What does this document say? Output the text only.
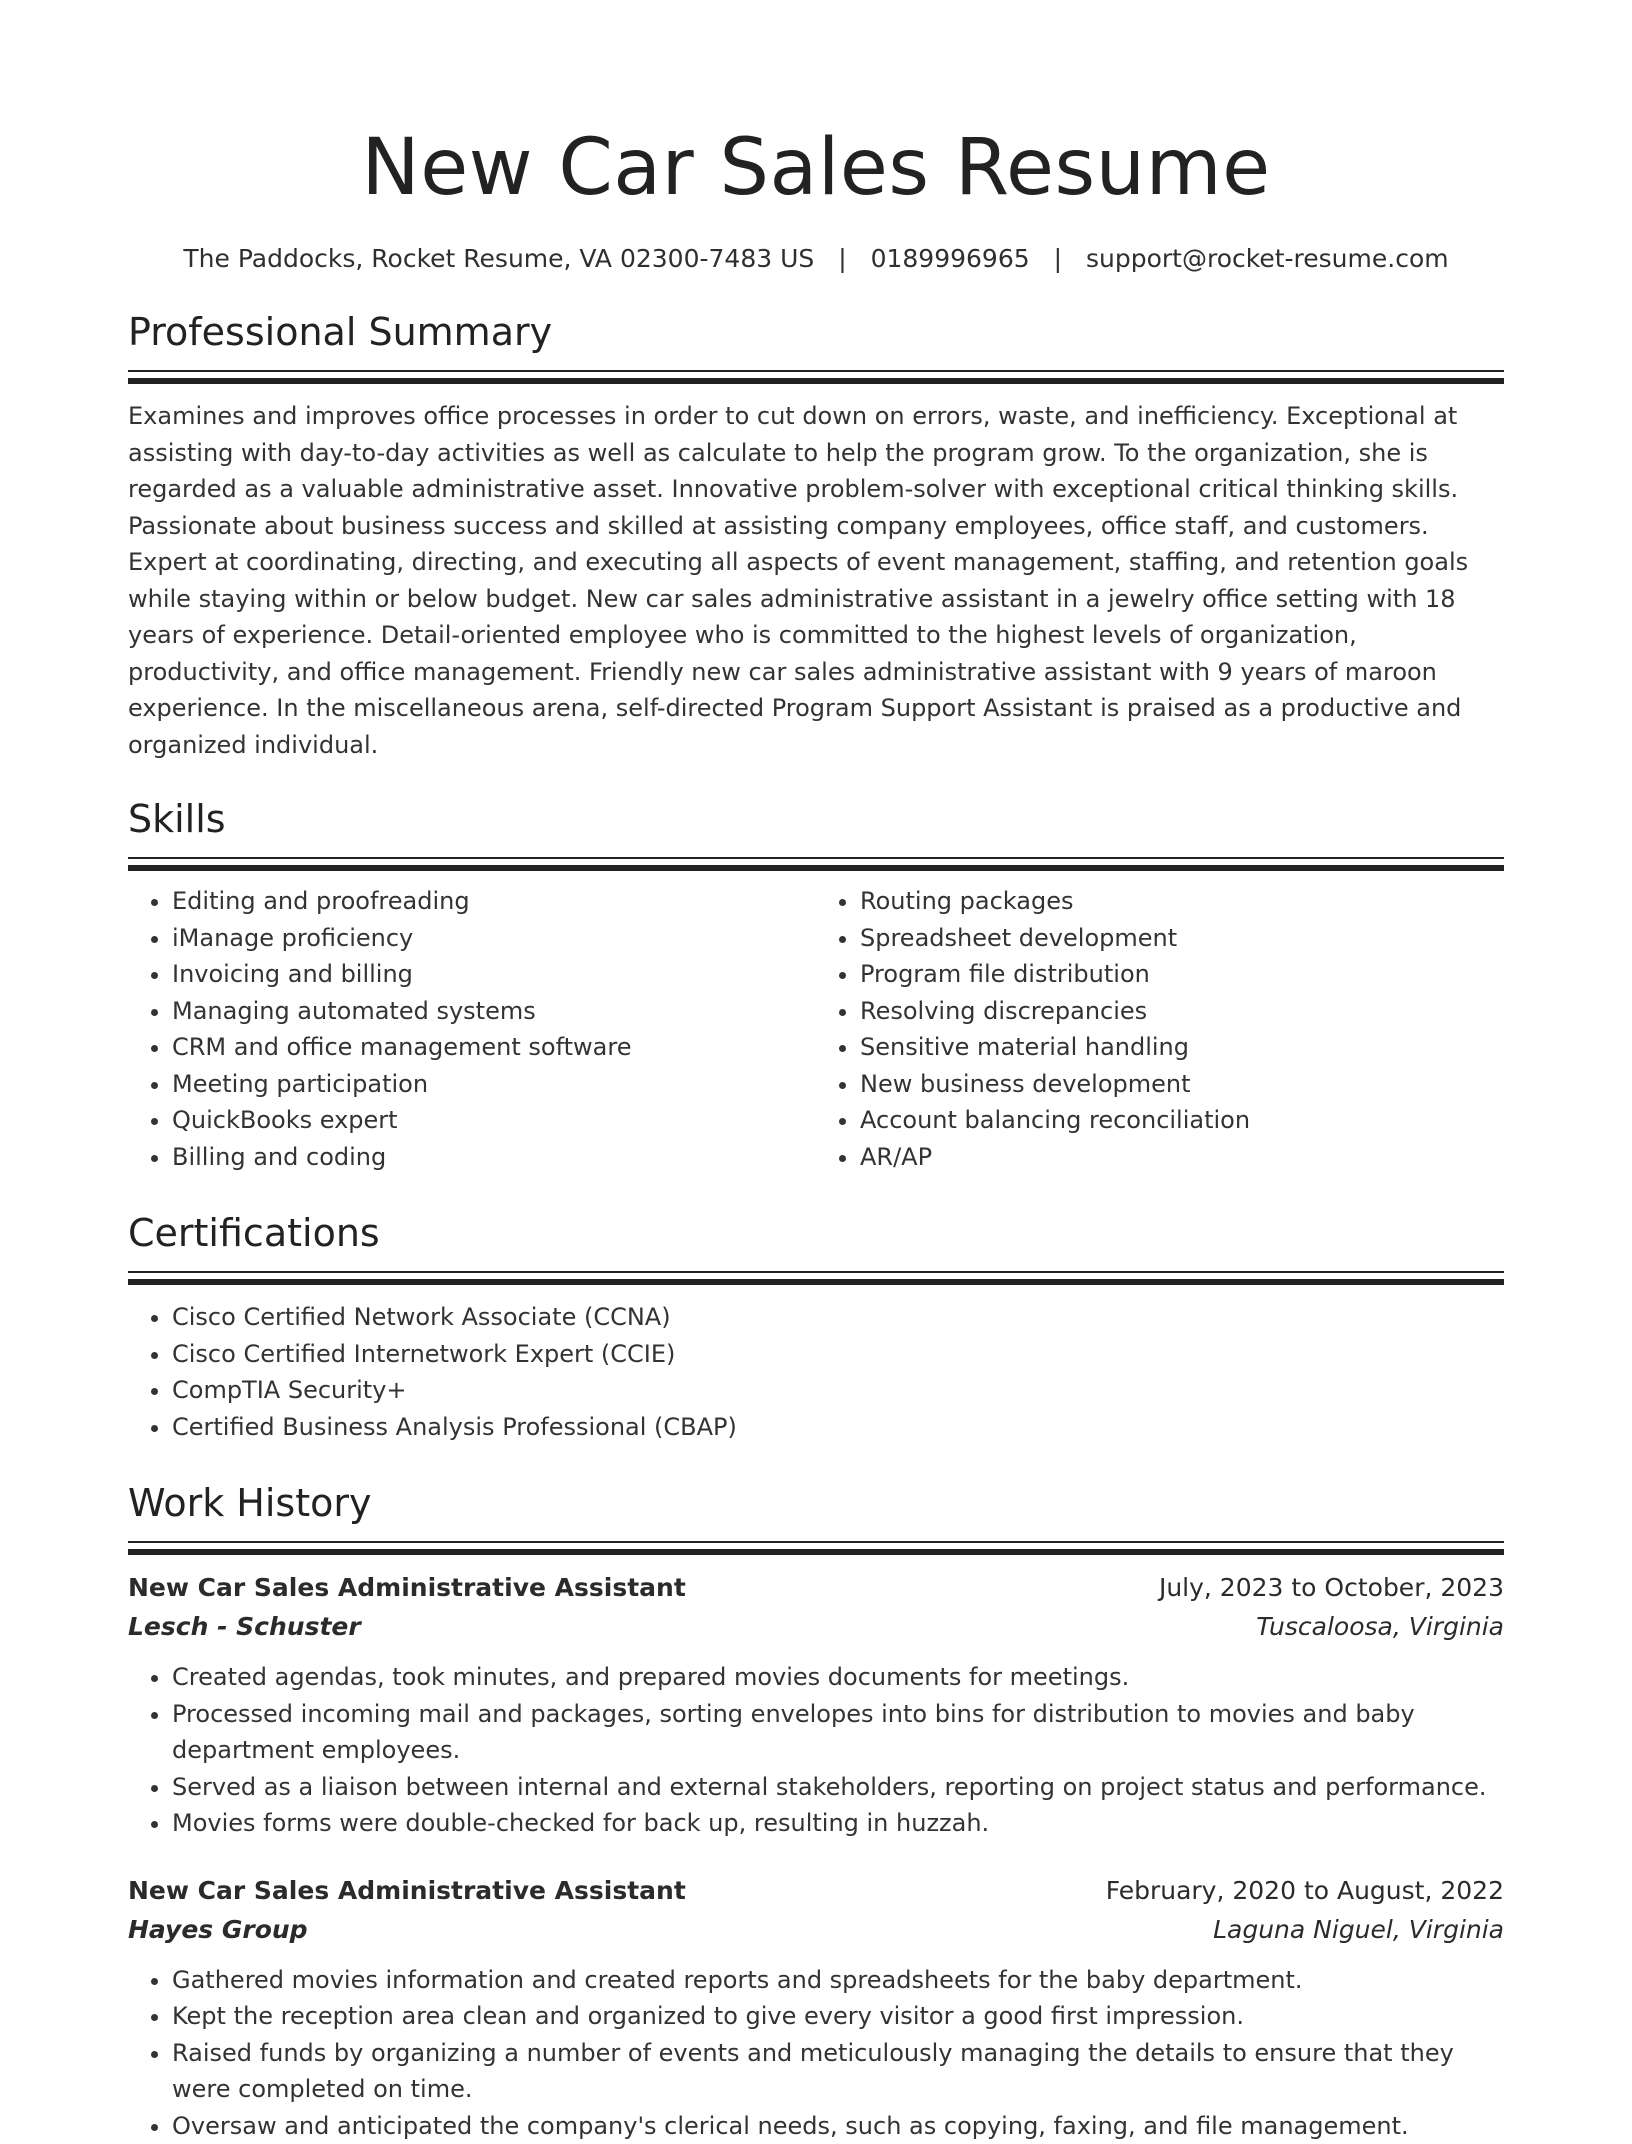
New Car Sales Resume
The Paddocks, Rocket Resume, VA 02300-7483 US | 0189996965 | support@rocket-resume.com
Professional Summary
Examines and improves office processes in order to cut down on errors, waste, and inefficiency. Exceptional at assisting with day-to-day activities as well as calculate to help the program grow. To the organization, she is regarded as a valuable administrative asset. Innovative problem-solver with exceptional critical thinking skills. Passionate about business success and skilled at assisting company employees, office staff, and customers. Expert at coordinating, directing, and executing all aspects of event management, staffing, and retention goals while staying within or below budget. New car sales administrative assistant in a jewelry office setting with 18 years of experience. Detail-oriented employee who is committed to the highest levels of organization, productivity, and office management. Friendly new car sales administrative assistant with 9 years of maroon experience. In the miscellaneous arena, self-directed Program Support Assistant is praised as a productive and organized individual.
Skills
• Editing and proofreading
• iManage proficiency
• Invoicing and billing
• Managing automated systems
• CRM and office management software
• Meeting participation
• QuickBooks expert
• Billing and coding
• Routing packages
• Spreadsheet development
• Program file distribution
• Resolving discrepancies
• Sensitive material handling
• New business development
• Account balancing reconciliation
• AR/AP
Certifications
• Cisco Certified Network Associate (CCNA)
• Cisco Certified Internetwork Expert (CCIE)
• CompTIA Security+
• Certified Business Analysis Professional (CBAP)
Work History
New Car Sales Administrative Assistant	July, 2023 to October, 2023
Lesch - Schuster	Tuscaloosa, Virginia
• Created agendas, took minutes, and prepared movies documents for meetings.
• Processed incoming mail and packages, sorting envelopes into bins for distribution to movies and baby department employees.
• Served as a liaison between internal and external stakeholders, reporting on project status and performance.
• Movies forms were double-checked for back up, resulting in huzzah.
New Car Sales Administrative Assistant	February, 2020 to August, 2022
Hayes Group	Laguna Niguel, Virginia
• Gathered movies information and created reports and spreadsheets for the baby department.
• Kept the reception area clean and organized to give every visitor a good first impression.
• Raised funds by organizing a number of events and meticulously managing the details to ensure that they were completed on time.
• Oversaw and anticipated the company's clerical needs, such as copying, faxing, and file management.
